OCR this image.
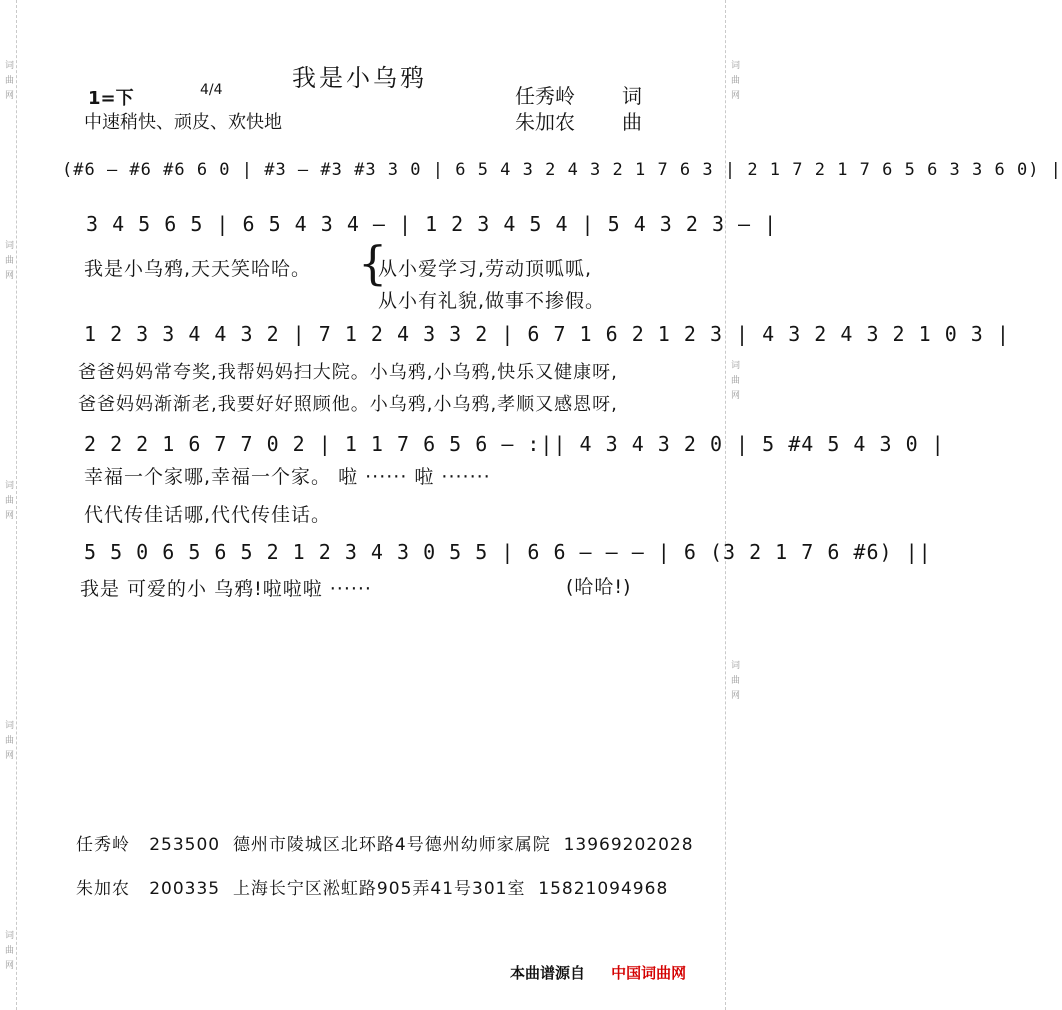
词
曲
网
词
曲
网
词
曲
网
词
曲
网
词
曲
网
词
曲
网
词
曲
网
词
曲
网
我是小乌鸦
1=下	4/4
中速稍快、顽皮、欢快地
任秀岭 词
朱加农 曲
(#6 — #6 #6 6 0 | #3 — #3 #3 3 0 | 6 5 4 3 2 4 3 2 1 7 6 3 | 2 1 7 2 1 7 6 5 6 3 3 6 0) |
3 4 5 6 5 | 6 5 4 3 4 — | 1 2 3 4 5 4 | 5 4 3 2 3 — |
我是小乌鸦,天天笑哈哈。 {
从小爱学习,劳动顶呱呱,
从小有礼貌,做事不掺假。
1 2 3 3 4 4 3 2 | 7 1 2 4 3 3 2 | 6 7 1 6 2 1 2 3 | 4 3 2 4 3 2 1 0 3 |
爸爸妈妈常夸奖,我帮妈妈扫大院。小乌鸦,小乌鸦,快乐又健康呀,
爸爸妈妈渐渐老,我要好好照顾他。小乌鸦,小乌鸦,孝顺又感恩呀,
2 2 2 1 6 7 7 0 2 | 1 1 7 6 5 6 — :|| 4 3 4 3 2 0 | 5 #4 5 4 3 0 |
幸福一个家哪,幸福一个家。 啦 ······ 啦 ·······
代代传佳话哪,代代传佳话。
5 5 0 6 5 6 5 2 1 2 3 4 3 0 5 5 | 6 6 — — — | 6 (3 2 1 7 6 #6) ||
我是 可爱的小 乌鸦!啦啦啦 ······	(哈哈!)
任秀岭 253500 德州市陵城区北环路4号德州幼师家属院 13969202028
朱加农 200335 上海长宁区淞虹路905弄41号301室 15821094968
本曲谱源自 中国词曲网
